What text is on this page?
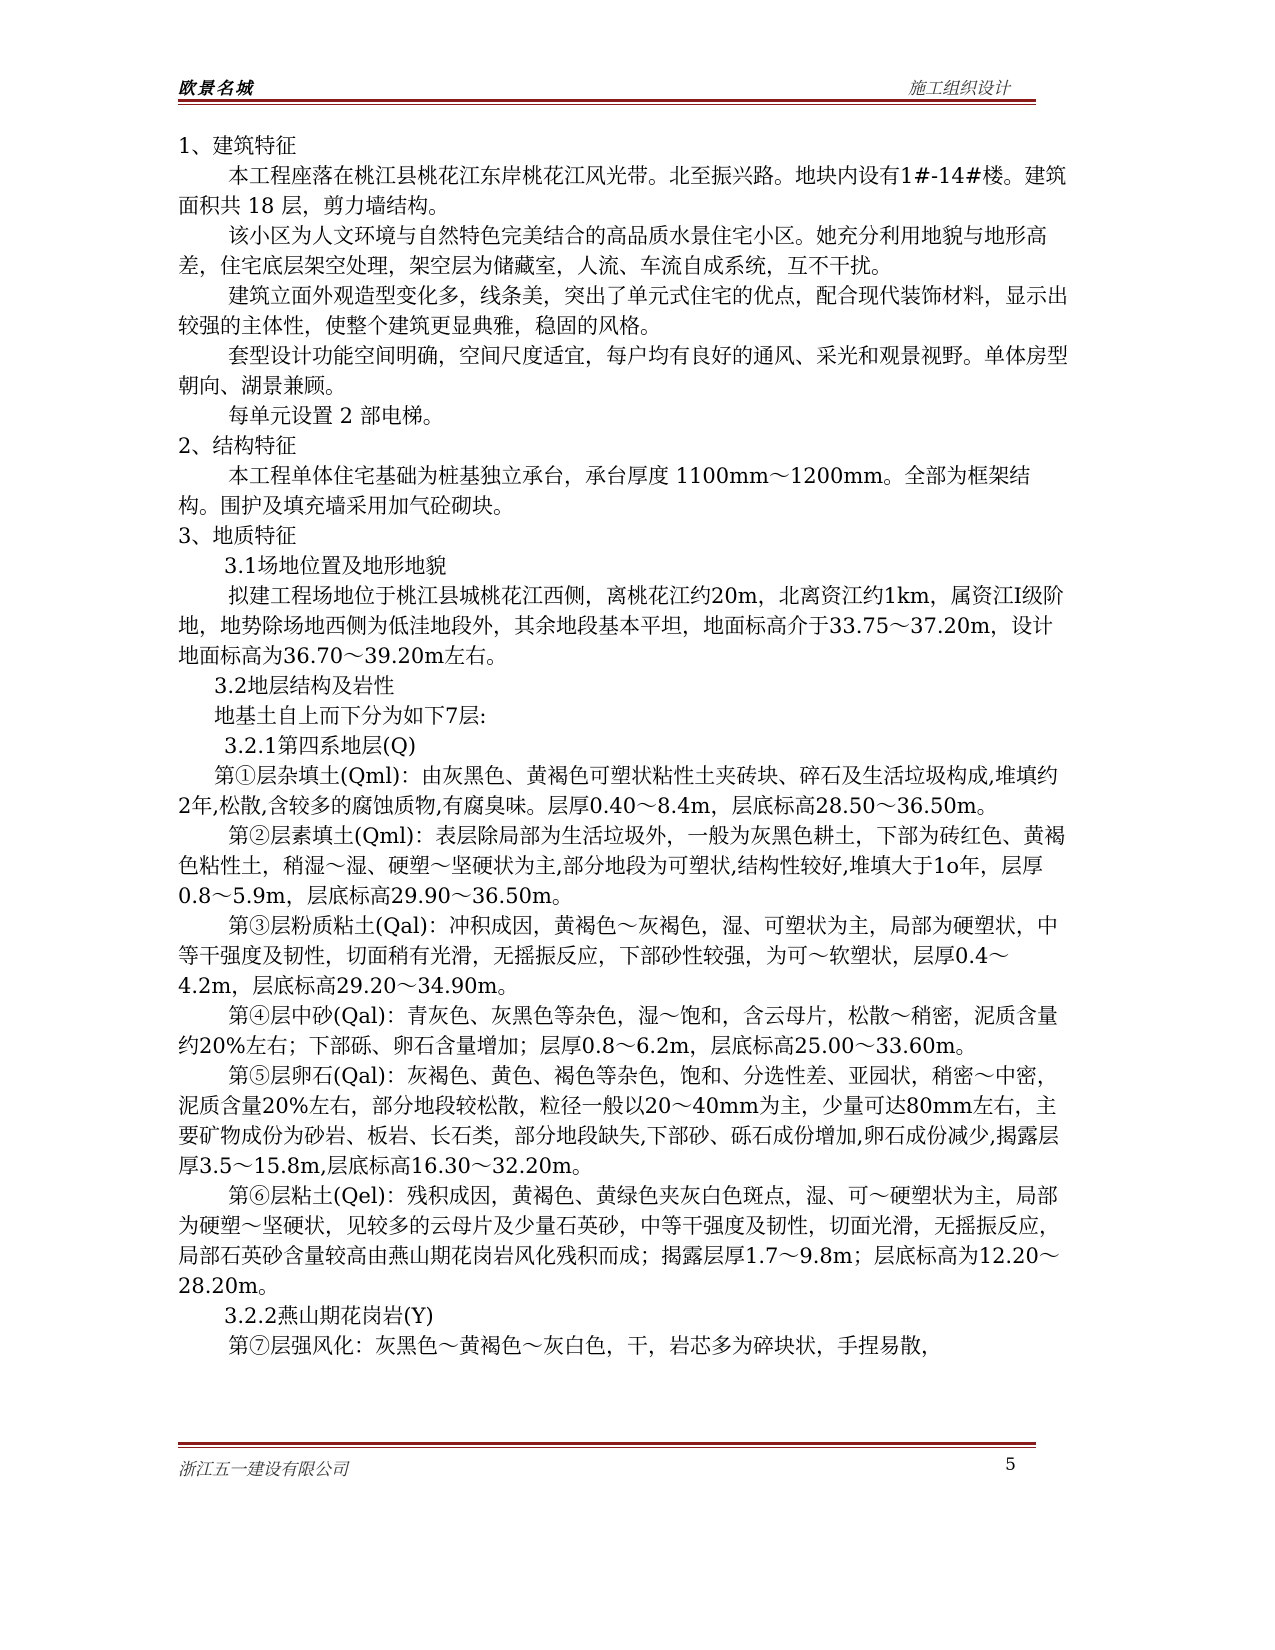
欧景名城	施工组织设计

1、建筑特征

本工程座落在桃江县桃花江东岸桃花江风光带。北至振兴路。地块内设有1#-14#楼。建筑面积共 18 层，剪力墙结构。

该小区为人文环境与自然特色完美结合的高品质水景住宅小区。她充分利用地貌与地形高差，住宅底层架空处理，架空层为储藏室，人流、车流自成系统，互不干扰。

建筑立面外观造型变化多，线条美，突出了单元式住宅的优点，配合现代装饰材料，显示出较强的主体性，使整个建筑更显典雅，稳固的风格。

套型设计功能空间明确，空间尺度适宜，每户均有良好的通风、采光和观景视野。单体房型朝向、湖景兼顾。

每单元设置 2 部电梯。

2、结构特征

本工程单体住宅基础为桩基独立承台，承台厚度 1100mm～1200mm。全部为框架结构。围护及填充墙采用加气砼砌块。

3、地质特征

3.1场地位置及地形地貌

拟建工程场地位于桃江县城桃花江西侧，离桃花江约20m，北离资江约1km，属资江Ⅰ级阶地，地势除场地西侧为低洼地段外，其余地段基本平坦，地面标高介于33.75～37.20m，设计地面标高为36.70～39.20m左右。

3.2地层结构及岩性

地基土自上而下分为如下7层:

3.2.1第四系地层(Q)

第①层杂填土(Qml)：由灰黑色、黄褐色可塑状粘性土夹砖块、碎石及生活垃圾构成,堆填约2年,松散,含较多的腐蚀质物,有腐臭味。层厚0.40～8.4m，层底标高28.50～36.50m。

第②层素填土(Qml)：表层除局部为生活垃圾外，一般为灰黑色耕土，下部为砖红色、黄褐色粘性土，稍湿～湿、硬塑～坚硬状为主,部分地段为可塑状,结构性较好,堆填大于1o年，层厚0.8～5.9m，层底标高29.90～36.50m。

第③层粉质粘土(Qal)：冲积成因，黄褐色～灰褐色，湿、可塑状为主，局部为硬塑状，中等干强度及韧性，切面稍有光滑，无摇振反应，下部砂性较强，为可～软塑状，层厚0.4～4.2m，层底标高29.20～34.90m。

第④层中砂(Qal)：青灰色、灰黑色等杂色，湿～饱和，含云母片，松散～稍密，泥质含量约20%左右；下部砾、卵石含量增加；层厚0.8～6.2m，层底标高25.00～33.60m。

第⑤层卵石(Qal)：灰褐色、黄色、褐色等杂色，饱和、分选性差、亚园状，稍密～中密，泥质含量20%左右，部分地段较松散，粒径一般以20～40mm为主，少量可达80mm左右，主要矿物成份为砂岩、板岩、长石类，部分地段缺失,下部砂、砾石成份增加,卵石成份减少,揭露层厚3.5～15.8m,层底标高16.30～32.20m。

第⑥层粘土(Qel)：残积成因，黄褐色、黄绿色夹灰白色斑点，湿、可～硬塑状为主，局部为硬塑～坚硬状，见较多的云母片及少量石英砂，中等干强度及韧性，切面光滑，无摇振反应，局部石英砂含量较高由燕山期花岗岩风化残积而成；揭露层厚1.7～9.8m；层底标高为12.20～28.20m。

3.2.2燕山期花岗岩(Y)

第⑦层强风化：灰黑色～黄褐色～灰白色，干，岩芯多为碎块状，手捏易散，

浙江五一建设有限公司	5
